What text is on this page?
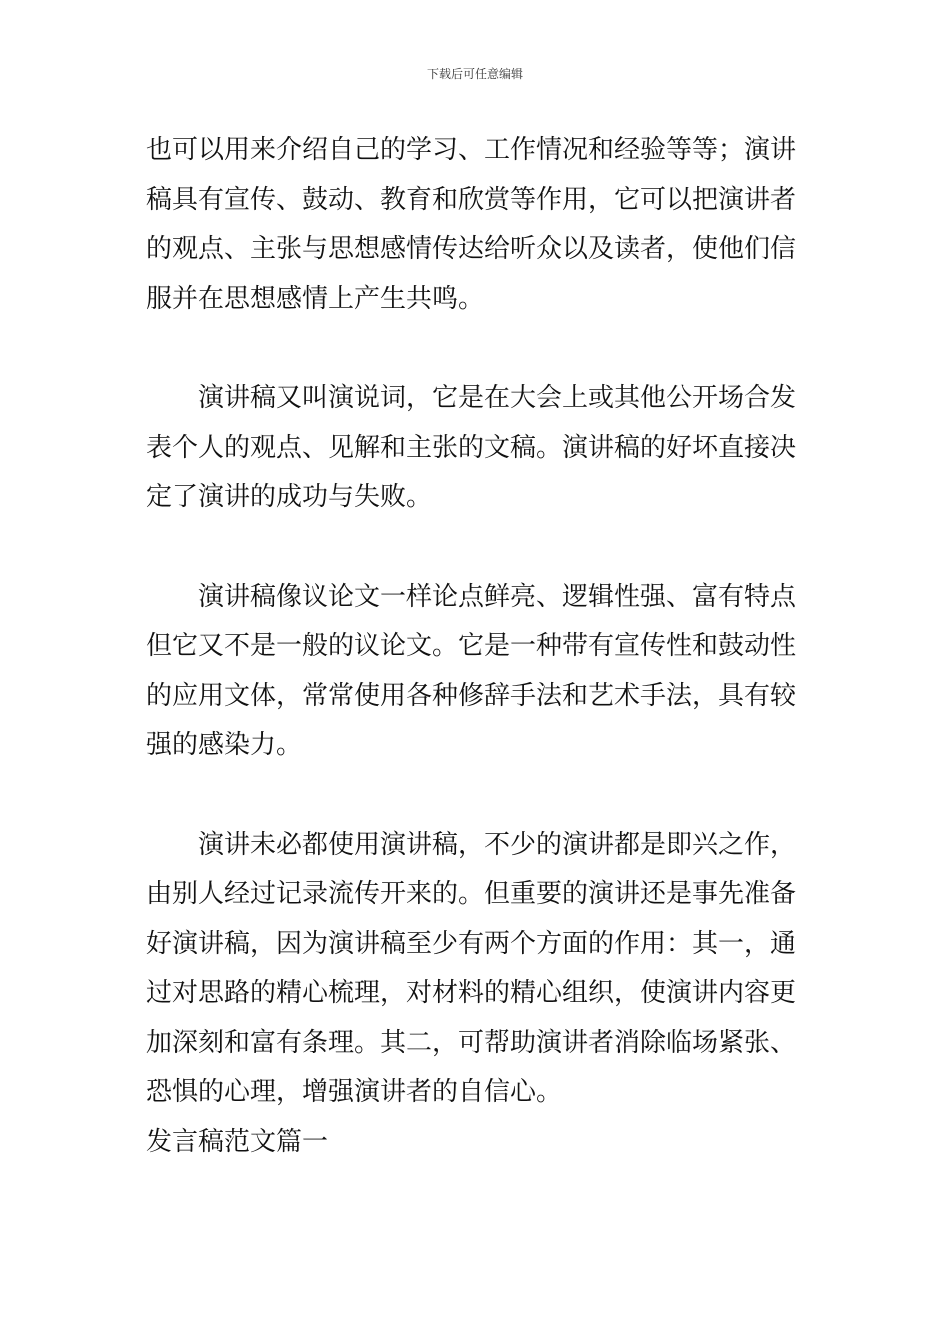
下载后可任意编辑
也可以用来介绍自己的学习、工作情况和经验等等；演讲
稿具有宣传、鼓动、教育和欣赏等作用，它可以把演讲者
的观点、主张与思想感情传达给听众以及读者，使他们信
服并在思想感情上产生共鸣。
演讲稿又叫演说词，它是在大会上或其他公开场合发
表个人的观点、见解和主张的文稿。演讲稿的好坏直接决
定了演讲的成功与失败。
演讲稿像议论文一样论点鲜亮、逻辑性强、富有特点
但它又不是一般的议论文。它是一种带有宣传性和鼓动性
的应用文体，常常使用各种修辞手法和艺术手法，具有较
强的感染力。
演讲未必都使用演讲稿，不少的演讲都是即兴之作，
由别人经过记录流传开来的。但重要的演讲还是事先准备
好演讲稿，因为演讲稿至少有两个方面的作用：其一，通
过对思路的精心梳理，对材料的精心组织，使演讲内容更
加深刻和富有条理。其二，可帮助演讲者消除临场紧张、
恐惧的心理，增强演讲者的自信心。
发言稿范文篇一
